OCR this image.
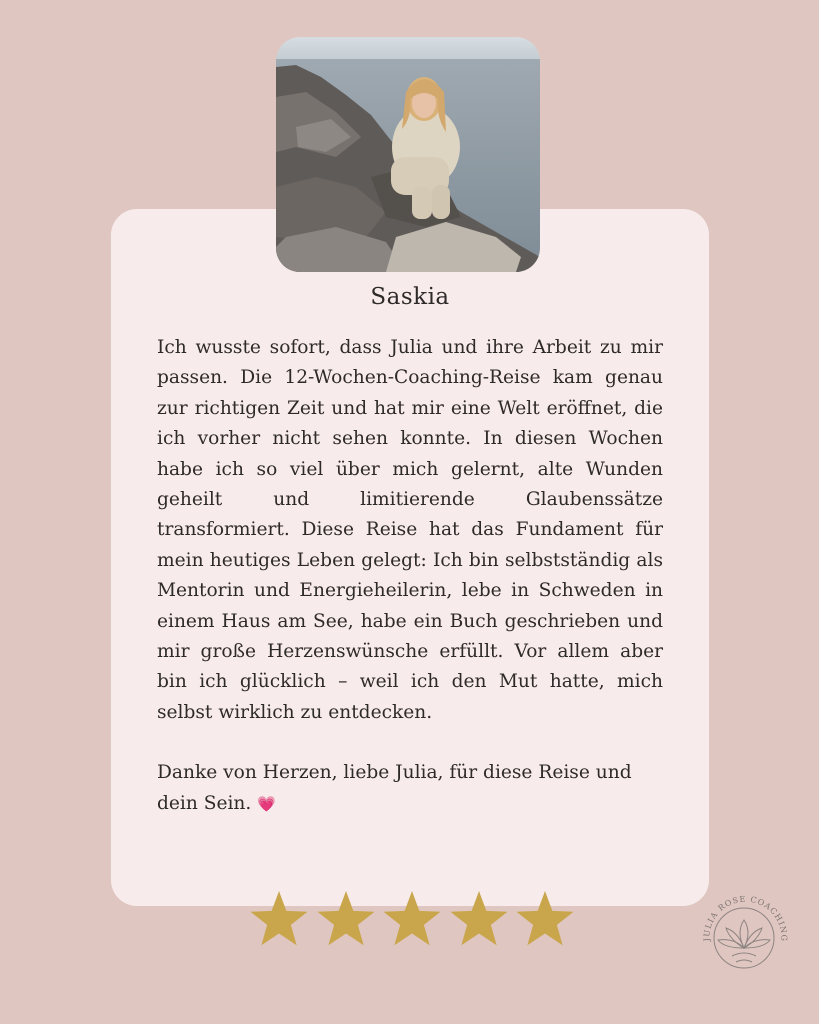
Saskia

Ich wusste sofort, dass Julia und ihre Arbeit zu mir passen. Die 12-Wochen-Coaching-Reise kam genau zur richtigen Zeit und hat mir eine Welt eröffnet, die ich vorher nicht sehen konnte. In diesen Wochen habe ich so viel über mich gelernt, alte Wunden geheilt und limitierende Glaubenssätze transformiert. Diese Reise hat das Fundament für mein heutiges Leben gelegt: Ich bin selbstständig als Mentorin und Energieheilerin, lebe in Schweden in einem Haus am See, habe ein Buch geschrieben und mir große Herzenswünsche erfüllt. Vor allem aber bin ich glücklich – weil ich den Mut hatte, mich selbst wirklich zu entdecken.

Danke von Herzen, liebe Julia, für diese Reise und dein Sein. 💗

JULIA ROSE COACHING
